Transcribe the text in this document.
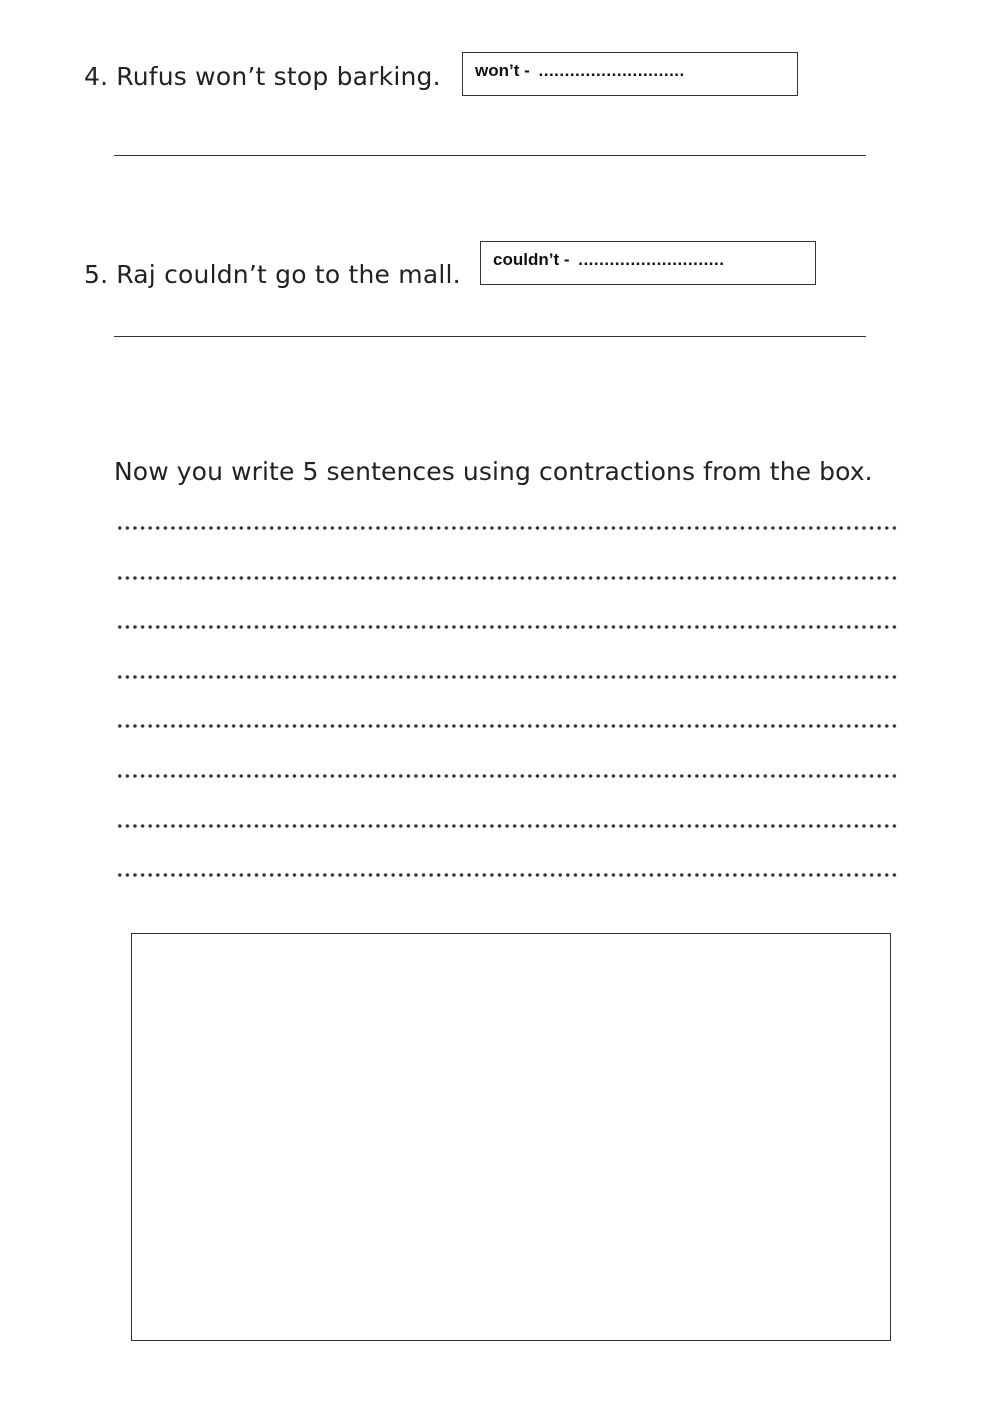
4. Rufus won’t stop barking.	won’t - ............................
5. Raj couldn’t go to the mall.
couldn’t - ............................
Now you write 5 sentences using contractions from the box.
